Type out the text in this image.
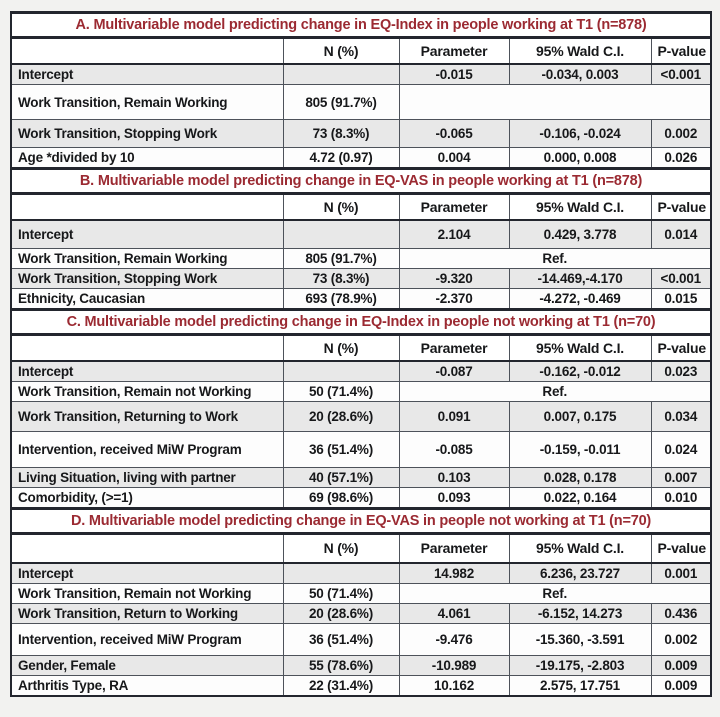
A. Multivariable model predicting change in EQ-Index in people working at T1 (n=878)				
	N (%)	Parameter	95% Wald C.I.	P-value
Intercept		-0.015	-0.034, 0.003	<0.001
Work Transition, Remain Working	805 (91.7%)			
Work Transition, Stopping Work	73 (8.3%)	-0.065	-0.106, -0.024	0.002
Age *divided by 10	4.72 (0.97)	0.004	0.000, 0.008	0.026
B. Multivariable model predicting change in EQ-VAS in people working at T1 (n=878)				
	N (%)	Parameter	95% Wald C.I.	P-value
Intercept		2.104	0.429, 3.778	0.014
Work Transition, Remain Working	805 (91.7%)	Ref.		
Work Transition, Stopping Work	73 (8.3%)	-9.320	-14.469,-4.170	<0.001
Ethnicity, Caucasian	693 (78.9%)	-2.370	-4.272, -0.469	0.015
C. Multivariable model predicting change in EQ-Index in people not working at T1 (n=70)				
	N (%)	Parameter	95% Wald C.I.	P-value
Intercept		-0.087	-0.162, -0.012	0.023
Work Transition, Remain not Working	50 (71.4%)	Ref.		
Work Transition, Returning to Work	20 (28.6%)	0.091	0.007, 0.175	0.034
Intervention, received MiW Program	36 (51.4%)	-0.085	-0.159, -0.011	0.024
Living Situation, living with partner	40 (57.1%)	0.103	0.028, 0.178	0.007
Comorbidity, (>=1)	69 (98.6%)	0.093	0.022, 0.164	0.010
D. Multivariable model predicting change in EQ-VAS in people not working at T1 (n=70)				
	N (%)	Parameter	95% Wald C.I.	P-value
Intercept		14.982	6.236, 23.727	0.001
Work Transition, Remain not Working	50 (71.4%)	Ref.		
Work Transition, Return to Working	20 (28.6%)	4.061	-6.152, 14.273	0.436
Intervention, received MiW Program	36 (51.4%)	-9.476	-15.360, -3.591	0.002
Gender, Female	55 (78.6%)	-10.989	-19.175, -2.803	0.009
Arthritis Type, RA	22 (31.4%)	10.162	2.575, 17.751	0.009
